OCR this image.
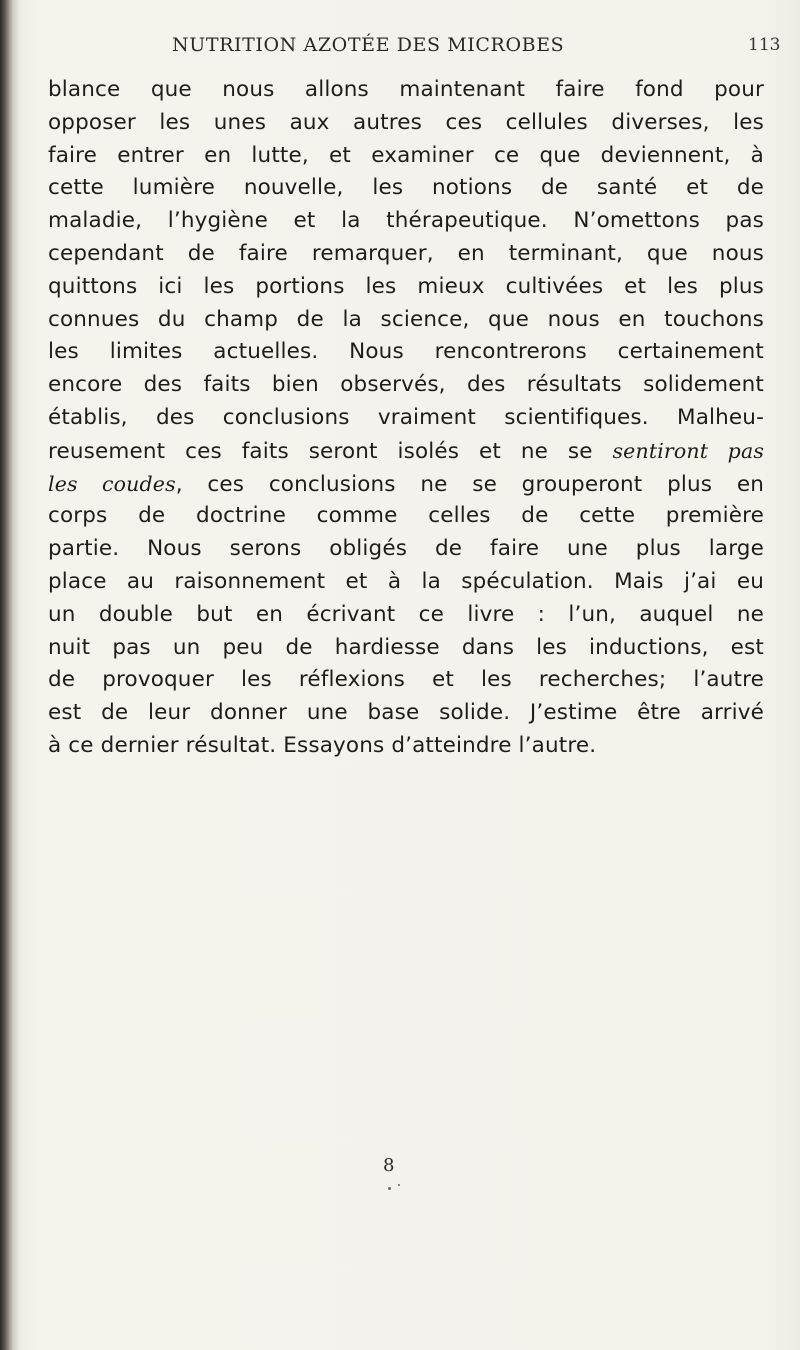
NUTRITION AZOTÉE DES MICROBES	113
blance que nous allons maintenant faire fond pour
opposer les unes aux autres ces cellules diverses, les
faire entrer en lutte, et examiner ce que deviennent, à
cette lumière nouvelle, les notions de santé et de
maladie, l’hygiène et la thérapeutique. N’omettons pas
cependant de faire remarquer, en terminant, que nous
quittons ici les portions les mieux cultivées et les plus
connues du champ de la science, que nous en touchons
les limites actuelles. Nous rencontrerons certainement
encore des faits bien observés, des résultats solidement
établis, des conclusions vraiment scientifiques. Malheu-
reusement ces faits seront isolés et ne se sentiront pas
les coudes, ces conclusions ne se grouperont plus en
corps de doctrine comme celles de cette première
partie. Nous serons obligés de faire une plus large
place au raisonnement et à la spéculation. Mais j’ai eu
un double but en écrivant ce livre : l’un, auquel ne
nuit pas un peu de hardiesse dans les inductions, est
de provoquer les réflexions et les recherches; l’autre
est de leur donner une base solide. J’estime être arrivé
à ce dernier résultat. Essayons d’atteindre l’autre.
8
